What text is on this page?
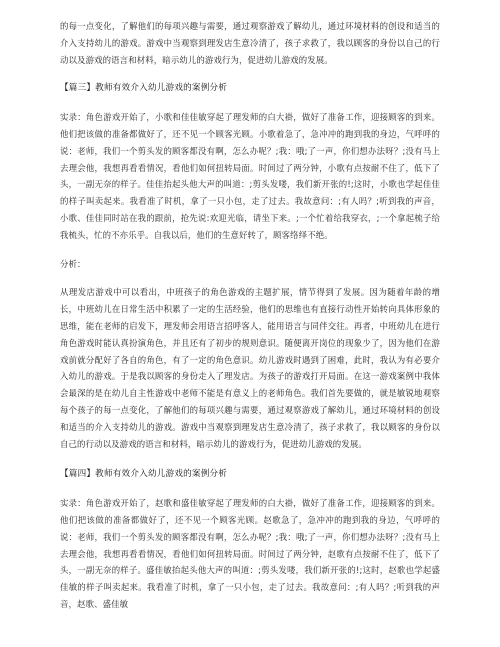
的每一点变化，了解他们的每项兴趣与需要，通过观察游戏了解幼儿，通过环境材料的创设和适当的介入支持幼儿的游戏。游戏中当观察到理发店生意冷清了，孩子求救了，我以顾客的身份以自己的行动以及游戏的语言和材料，暗示幼儿的游戏行为，促进幼儿游戏的发展。

【篇三】教师有效介入幼儿游戏的案例分析

实录：角色游戏开始了，小歌和佳佳敏穿起了理发师的白大褂，做好了准备工作，迎接顾客的到来。他们把该做的准备都做好了，还不见一个顾客光顾。小歌着急了，急冲冲的跑到我的身边，气呼呼的说：老师，我们一个剪头发的顾客都没有啊，怎么办呢？;我：哦;了一声，你们想办法呀？;没有马上去理会他，我想再看看情况，看他们如何扭转局面。时间过了两分钟，小歌有点按耐不住了，低下了头，一副无奈的样子。佳佳抬起头他大声的叫道：;剪头发喽，我们新开张的!;这时，小歌也学起佳佳的样子叫卖起来。我看准了时机，拿了一只小包，走了过去。我故意问：;有人吗？;听到我的声音，小歌、佳佳同时站在我的跟前，抢先说:欢迎光临，请坐下来。;一个忙着给我穿衣，;一个拿起梳子给我梳头，忙的不亦乐乎。自我以后，他们的生意好转了，顾客络绎不绝。

分析：

从理发店游戏中可以看出，中班孩子的角色游戏的主题扩展，情节得到了发展。因为随着年龄的增长，中班幼儿在日常生活中积累了一定的生活经验，他们的思维也有直接行动性开始转向具体形象的思维，能在老师的启发下，理发师会用语言招呼客人，能用语言与同伴交往。再者，中班幼儿在进行角色游戏时能认真扮演角色，并且还有了初步的规则意识。随便离开岗位的现象少了，因为他们在游戏前就分配好了各自的角色，有了一定的角色意识。幼儿游戏时遇到了困难，此时，我认为有必要介入幼儿的游戏。于是我以顾客的身份走入了理发店。为孩子的游戏打开局面。在这一游戏案例中我体会最深的是在幼儿自主性游戏中老师不能是有意义上的老师角色。我们首先要做的，就是敏锐地观察每个孩子的每一点变化，了解他们的每项兴趣与需要，通过观察游戏了解幼儿，通过环境材料的创设和适当的介入支持幼儿的游戏。游戏中当观察到理发店生意冷清了，孩子求救了，我以顾客的身份以自己的行动以及游戏的语言和材料，暗示幼儿的游戏行为，促进幼儿游戏的发展。

【篇四】教师有效介入幼儿游戏的案例分析

实录：角色游戏开始了，赵歌和盛佳敏穿起了理发师的白大褂，做好了准备工作，迎接顾客的到来。他们把该做的准备都做好了，还不见一个顾客光顾。赵歌急了，急冲冲的跑到我的身边，气呼呼的说：老师，我们一个剪头发的顾客都没有啊，怎么办呢？;我：哦;了一声，你们想办法呀？;没有马上去理会他，我想再看看情况，看他们如何扭转局面。时间过了两分钟，赵歌有点按耐不住了，低下了头，一副无奈的样子。盛佳敏抬起头他大声的叫道：;剪头发喽，我们新开张的!;这时，赵歌也学起盛佳敏的样子叫卖起来。我看准了时机，拿了一只小包，走了过去。我故意问：;有人吗？;听到我的声音，赵歌、盛佳敏
